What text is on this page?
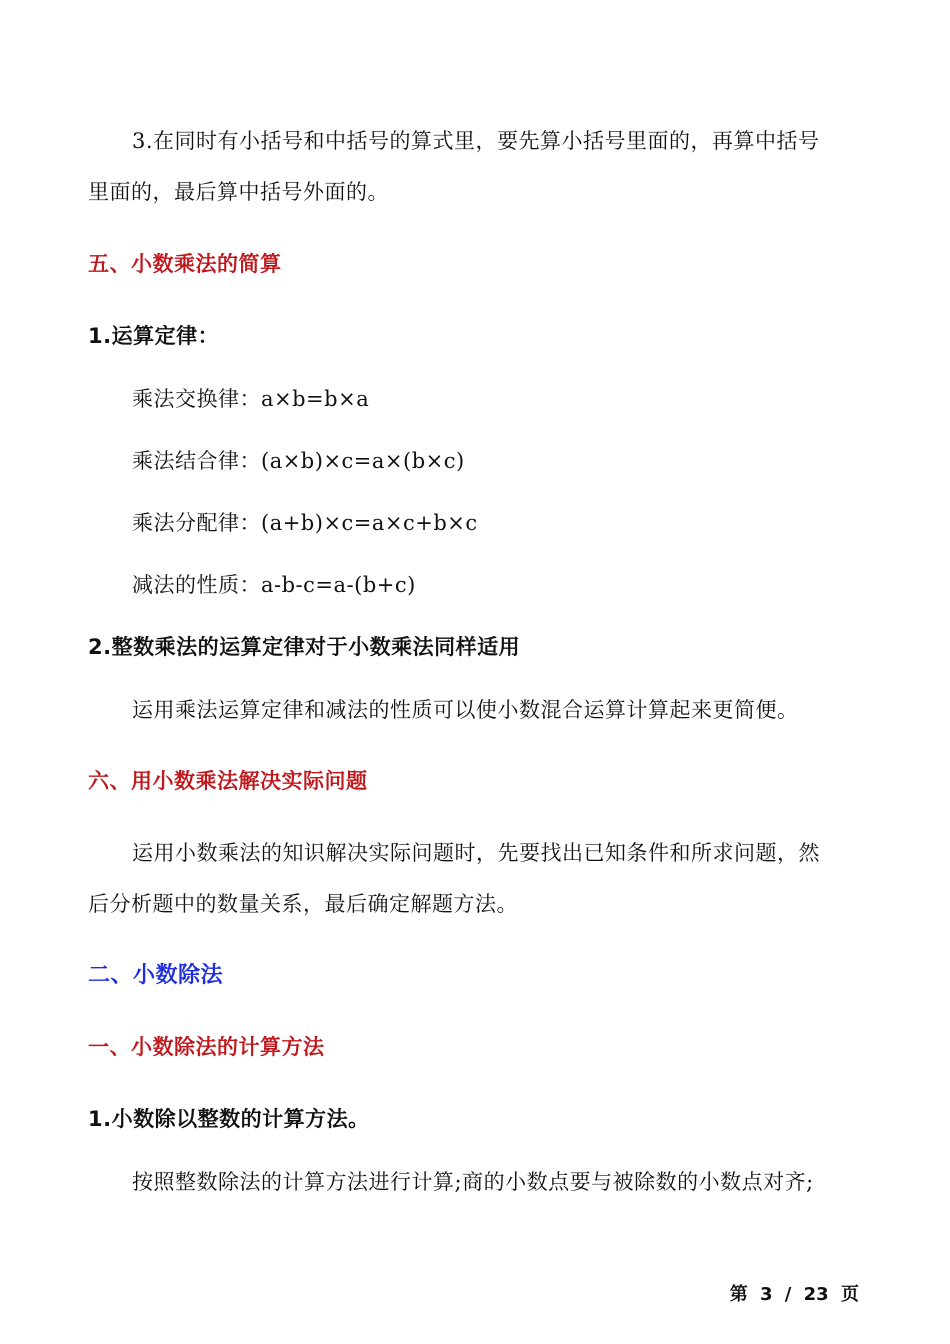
3.在同时有小括号和中括号的算式里，要先算小括号里面的，再算中括号
里面的，最后算中括号外面的。
五、小数乘法的简算
1.运算定律：
乘法交换律：a×b=b×a
乘法结合律：(a×b)×c=a×(b×c)
乘法分配律：(a+b)×c=a×c+b×c
减法的性质：a-b-c=a-(b+c)
2.整数乘法的运算定律对于小数乘法同样适用
运用乘法运算定律和减法的性质可以使小数混合运算计算起来更简便。
六、用小数乘法解决实际问题
运用小数乘法的知识解决实际问题时，先要找出已知条件和所求问题，然
后分析题中的数量关系，最后确定解题方法。
二、小数除法
一、小数除法的计算方法
1.小数除以整数的计算方法。
按照整数除法的计算方法进行计算;商的小数点要与被除数的小数点对齐;
第 3 / 23 页
